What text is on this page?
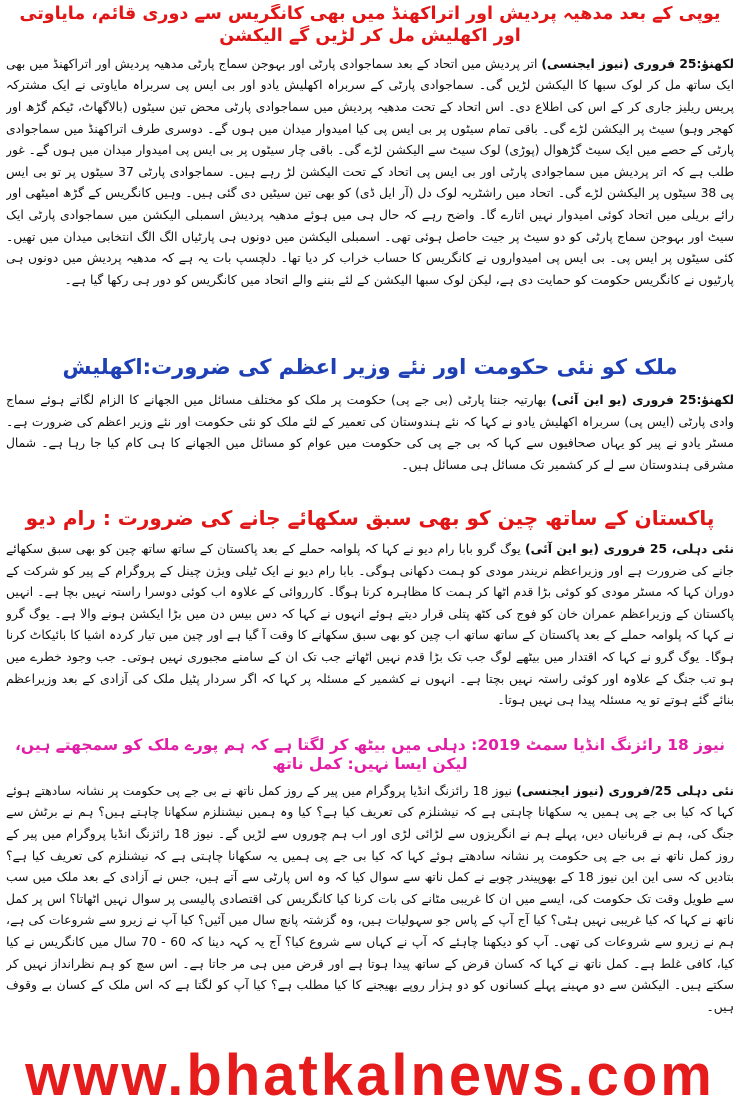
یوپی کے بعد مدھیہ پردیش اور اتراکھنڈ میں بھی کانگریس سے دوری قائم، مایاوتی اور اکھلیش مل کر لڑیں گے الیکشن

لکھنؤ:25 فروری (نیوز ایجنسی) اتر پردیش میں اتحاد کے بعد سماجوادی پارٹی اور بہوجن سماج پارٹی مدھیہ پردیش اور اتراکھنڈ میں بھی ایک ساتھ مل کر لوک سبھا کا الیکشن لڑیں گی۔ سماجوادی پارٹی کے سربراہ اکھلیش یادو اور بی ایس پی سربراہ مایاوتی نے ایک مشترکہ پریس ریلیز جاری کر کے اس کی اطلاع دی۔ اس اتحاد کے تحت مدھیہ پردیش میں سماجوادی پارٹی محض تین سیٹوں (بالاگھاٹ، ٹیکم گڑھ اور کھجر وہو) سیٹ پر الیکشن لڑے گی۔ باقی تمام سیٹوں پر بی ایس پی کیا امیدوار میدان میں ہوں گے۔ دوسری طرف اتراکھنڈ میں سماجوادی پارٹی کے حصے میں ایک سیٹ گڑھوال (پوڑی) لوک سیٹ سے الیکشن لڑے گی۔ باقی چار سیٹوں پر بی ایس پی امیدوار میدان میں ہوں گے۔ غور طلب ہے کہ اتر پردیش میں سماجوادی پارٹی اور بی ایس پی اتحاد کے تحت الیکشن لڑ رہے ہیں۔ سماجوادی پارٹی 37 سیٹوں پر تو بی ایس پی 38 سیٹوں پر الیکشن لڑے گی۔ اتحاد میں راشٹریہ لوک دل (آر ایل ڈی) کو بھی تین سیٹیں دی گئی ہیں۔ وہیں کانگریس کے گڑھ امیٹھی اور رائے بریلی میں اتحاد کوئی امیدوار نہیں اتارے گا۔ واضح رہے کہ حال ہی میں ہوئے مدھیہ پردیش اسمبلی الیکشن میں سماجوادی پارٹی ایک سیٹ اور بہوجن سماج پارٹی کو دو سیٹ پر جیت حاصل ہوئی تھی۔ اسمبلی الیکشن میں دونوں ہی پارٹیاں الگ الگ انتخابی میدان میں تھیں۔ کئی سیٹوں پر ایس پی۔ بی ایس پی امیدواروں نے کانگریس کا حساب خراب کر دیا تھا۔ دلچسپ بات یہ ہے کہ مدھیہ پردیش میں دونوں ہی پارٹیوں نے کانگریس حکومت کو حمایت دی ہے، لیکن لوک سبھا الیکشن کے لئے بننے والے اتحاد میں کانگریس کو دور ہی رکھا گیا ہے۔

ملک کو نئی حکومت اور نئے وزیر اعظم کی ضرورت:اکھلیش

لکھنؤ:25 فروری (یو این آئی) بھارتیہ جنتا پارٹی (بی جے پی) حکومت پر ملک کو مختلف مسائل میں الجھانے کا الزام لگاتے ہوئے سماج وادی پارٹی (ایس پی) سربراہ اکھلیش یادو نے کہا کہ نئے ہندوستان کی تعمیر کے لئے ملک کو نئی حکومت اور نئے وزیر اعظم کی ضرورت ہے۔ مسٹر یادو نے پیر کو یہاں صحافیوں سے کہا کہ بی جے پی کی حکومت میں عوام کو مسائل میں الجھانے کا ہی کام کیا جا رہا ہے۔ شمال مشرقی ہندوستان سے لے کر کشمیر تک مسائل ہی مسائل ہیں۔

پاکستان کے ساتھ چین کو بھی سبق سکھائے جانے کی ضرورت : رام دیو

نئی دہلی، 25 فروری (یو این آئی) یوگ گرو بابا رام دیو نے کہا کہ پلوامہ حملے کے بعد پاکستان کے ساتھ ساتھ چین کو بھی سبق سکھائے جانے کی ضرورت ہے اور وزیراعظم نریندر مودی کو ہمت دکھانی ہوگی۔ بابا رام دیو نے ایک ٹیلی ویژن چینل کے پروگرام کے پیر کو شرکت کے دوران کہا کہ مسٹر مودی کو کوئی بڑا قدم اٹھا کر ہمت کا مظاہرہ کرنا ہوگا۔ کارروائی کے علاوہ اب کوئی دوسرا راستہ نہیں بچا ہے۔ انہیں پاکستان کے وزیراعظم عمران خان کو فوج کی کٹھ پتلی قرار دیتے ہوئے انہوں نے کہا کہ دس بیس دن میں بڑا ایکشن ہونے والا ہے۔ یوگ گرو نے کہا کہ پلوامہ حملے کے بعد پاکستان کے ساتھ ساتھ اب چین کو بھی سبق سکھانے کا وقت آ گیا ہے اور چین میں تیار کردہ اشیا کا بائیکاٹ کرنا ہوگا۔ یوگ گرو نے کہا کہ اقتدار میں بیٹھے لوگ جب تک بڑا قدم نہیں اٹھاتے جب تک ان کے سامنے مجبوری نہیں ہوتی۔ جب وجود خطرے میں ہو تب جنگ کے علاوہ اور کوئی راستہ نہیں بچتا ہے۔ انہوں نے کشمیر کے مسئلہ پر کہا کہ اگر سردار پٹیل ملک کی آزادی کے بعد وزیراعظم بنائے گئے ہوتے تو یہ مسئلہ پیدا ہی نہیں ہوتا۔

نیوز 18 رائزنگ انڈیا سمٹ 2019: دہلی میں بیٹھ کر لگتا ہے کہ ہم پورے ملک کو سمجھتے ہیں، لیکن ایسا نہیں: کمل ناتھ

نئی دہلی 25/فروری (نیوز ایجنسی) نیوز 18 رائزنگ انڈیا پروگرام میں پیر کے روز کمل ناتھ نے بی جے پی حکومت پر نشانہ سادھتے ہوئے کہا کہ کیا بی جے پی ہمیں یہ سکھانا چاہتی ہے کہ نیشنلزم کی تعریف کیا ہے؟ کیا وہ ہمیں نیشنلزم سکھانا چاہتے ہیں؟ ہم نے برٹش سے جنگ کی، ہم نے قربانیاں دیں، پہلے ہم نے انگریزوں سے لڑائی لڑی اور اب ہم چوروں سے لڑیں گے۔ نیوز 18 رائزنگ انڈیا پروگرام میں پیر کے روز کمل ناتھ نے بی جے پی حکومت پر نشانہ سادھتے ہوئے کہا کہ کیا بی جے پی ہمیں یہ سکھانا چاہتی ہے کہ نیشنلزم کی تعریف کیا ہے؟ بتادیں کہ سی این این نیوز 18 کے بھوپیندر چوبے نے کمل ناتھ سے سوال کیا کہ وہ اس پارٹی سے آتے ہیں، جس نے آزادی کے بعد ملک میں سب سے طویل وقت تک حکومت کی، ایسے میں ان کا غریبی مٹانے کی بات کرنا کیا کانگریس کی اقتصادی پالیسی پر سوال نہیں اٹھاتا؟ اس پر کمل ناتھ نے کہا کہ کیا غریبی نہیں ہٹی؟ کیا آج آپ کے پاس جو سہولیات ہیں، وہ گزشتہ پانچ سال میں آئیں؟ کیا آپ نے زیرو سے شروعات کی ہے، ہم نے زیرو سے شروعات کی تھی۔ آپ کو دیکھنا چاہئے کہ آپ نے کہاں سے شروع کیا؟ آج یہ کہہ دینا کہ 60 - 70 سال میں کانگریس نے کیا کیا، کافی غلط ہے۔ کمل ناتھ نے کہا کہ کسان قرض کے ساتھ پیدا ہوتا ہے اور قرض میں ہی مر جاتا ہے۔ اس سچ کو ہم نظرانداز نہیں کر سکتے ہیں۔ الیکشن سے دو مہینے پہلے کسانوں کو دو ہزار روپے بھیجنے کا کیا مطلب ہے؟ کیا آپ کو لگتا ہے کہ اس ملک کے کسان بے وقوف ہیں۔

www.bhatkalnews.com
